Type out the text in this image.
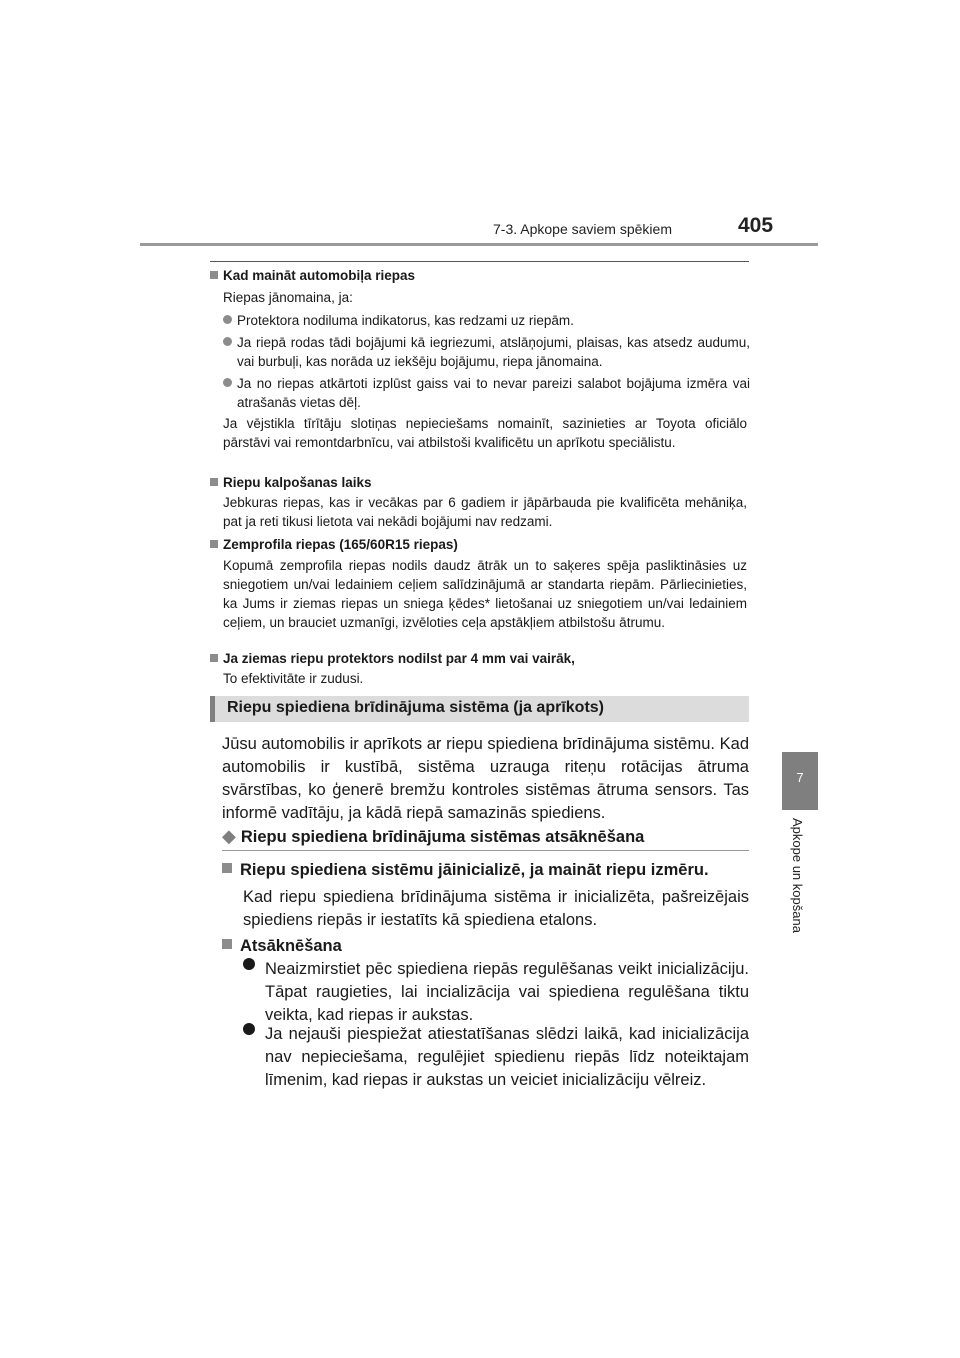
7-3. Apkope saviem spēkiem	405
7
Apkope un kopšana
Kad maināt automobiļa riepas
Riepas jānomaina, ja:
Protektora nodiluma indikatorus, kas redzami uz riepām.
Ja riepā rodas tādi bojājumi kā iegriezumi, atslāņojumi, plaisas, kas atsedz audumu, vai burbuļi, kas norāda uz iekšēju bojājumu, riepa jānomaina.
Ja no riepas atkārtoti izplūst gaiss vai to nevar pareizi salabot bojājuma izmēra vai atrašanās vietas dēļ.
Ja vējstikla tīrītāju slotiņas nepieciešams nomainīt, sazinieties ar Toyota oficiālo pārstāvi vai remontdarbnīcu, vai atbilstoši kvalificētu un aprīkotu speciālistu.
Riepu kalpošanas laiks
Jebkuras riepas, kas ir vecākas par 6 gadiem ir jāpārbauda pie kvalificēta mehāniķa, pat ja reti tikusi lietota vai nekādi bojājumi nav redzami.
Zemprofila riepas (165/60R15 riepas)
Kopumā zemprofila riepas nodils daudz ātrāk un to saķeres spēja pasliktināsies uz sniegotiem un/vai ledainiem ceļiem salīdzinājumā ar standarta riepām. Pārliecinieties, ka Jums ir ziemas riepas un sniega ķēdes* lietošanai uz sniegotiem un/vai ledainiem ceļiem, un brauciet uzmanīgi, izvēloties ceļa apstākļiem atbilstošu ātrumu.
Ja ziemas riepu protektors nodilst par 4 mm vai vairāk,
To efektivitāte ir zudusi.
Riepu spiediena brīdinājuma sistēma (ja aprīkots)
Jūsu automobilis ir aprīkots ar riepu spiediena brīdinājuma sistēmu. Kad automobilis ir kustībā, sistēma uzrauga riteņu rotācijas ātruma svārstības, ko ģenerē bremžu kontroles sistēmas ātruma sensors. Tas informē vadītāju, ja kādā riepā samazinās spiediens.
◆ Riepu spiediena brīdinājuma sistēmas atsāknēšana
Riepu spiediena sistēmu jāinicializē, ja maināt riepu izmēru.
Kad riepu spiediena brīdinājuma sistēma ir inicializēta, pašreizējais spiediens riepās ir iestatīts kā spiediena etalons.
Atsāknēšana
Neaizmirstiet pēc spiediena riepās regulēšanas veikt inicializāciju. Tāpat raugieties, lai incializācija vai spiediena regulēšana tiktu veikta, kad riepas ir aukstas.
Ja nejauši piespiežat atiestatīšanas slēdzi laikā, kad inicializācija nav nepieciešama, regulējiet spiedienu riepās līdz noteiktajam līmenim, kad riepas ir aukstas un veiciet inicializāciju vēlreiz.
